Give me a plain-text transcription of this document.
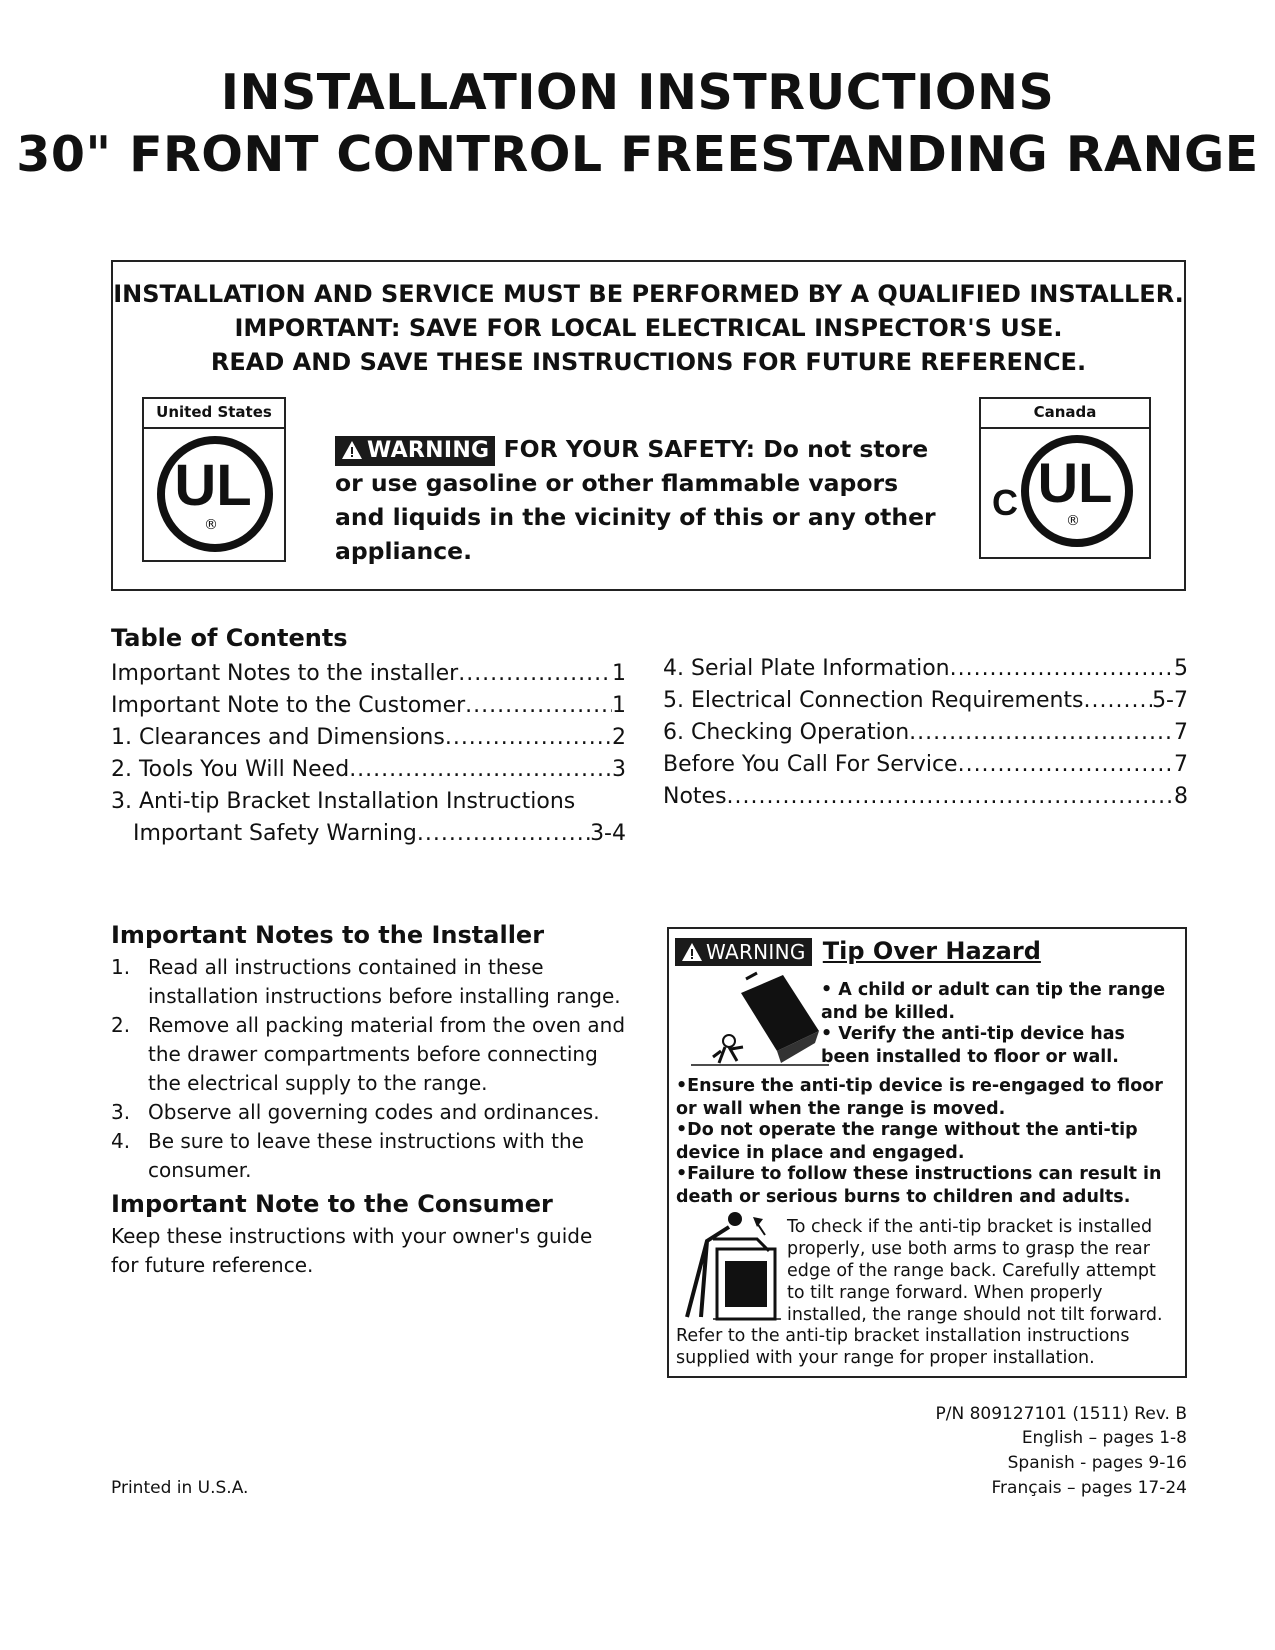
INSTALLATION INSTRUCTIONS
30" FRONT CONTROL FREESTANDING RANGE
INSTALLATION AND SERVICE MUST BE PERFORMED BY A QUALIFIED INSTALLER.
IMPORTANT: SAVE FOR LOCAL ELECTRICAL INSPECTOR'S USE.
READ AND SAVE THESE INSTRUCTIONS FOR FUTURE REFERENCE.
United States
UL
®
WARNING FOR YOUR SAFETY: Do not store or use gasoline or other flammable vapors and liquids in the vicinity of this or any other appliance.
Canada
C UL
®
Table of Contents
Important Notes to the installer .....	1
Important Note to the Customer .....	1
1. Clearances and Dimensions .....	2
2. Tools You Will Need .....	3
3. Anti-tip Bracket Installation Instructions
Important Safety Warning .....	3-4
4. Serial Plate Information .....	5
5. Electrical Connection Requirements .....	5-7
6. Checking Operation .....	7
Before You Call For Service .....	7
Notes .....	8
Important Notes to the Installer
1. Read all instructions contained in these installation instructions before installing range.
2. Remove all packing material from the oven and the drawer compartments before connecting the electrical supply to the range.
3. Observe all governing codes and ordinances.
4. Be sure to leave these instructions with the consumer.
Important Note to the Consumer
Keep these instructions with your owner's guide for future reference.
WARNING Tip Over Hazard
• A child or adult can tip the range and be killed.
• Verify the anti-tip device has been installed to floor or wall.
•Ensure the anti-tip device is re-engaged to floor or wall when the range is moved.
•Do not operate the range without the anti-tip device in place and engaged.
•Failure to follow these instructions can result in death or serious burns to children and adults.
To check if the anti-tip bracket is installed properly, use both arms to grasp the rear edge of the range back. Carefully attempt to tilt range forward. When properly installed, the range should not tilt forward.
Refer to the anti-tip bracket installation instructions supplied with your range for proper installation.
Printed in U.S.A.
P/N 809127101 (1511) Rev. B
English – pages 1-8
Spanish - pages 9-16
Français – pages 17-24
